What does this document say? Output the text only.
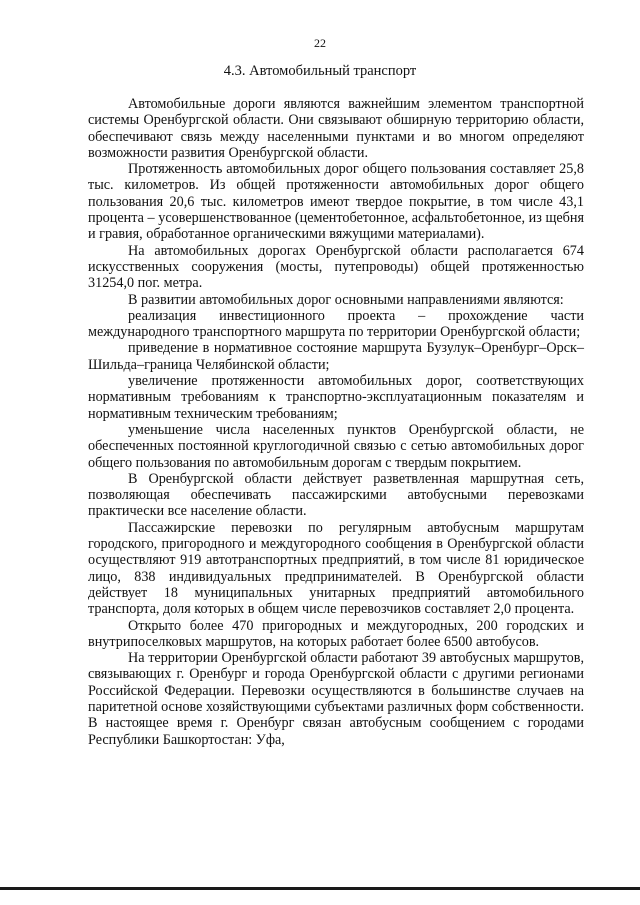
22
4.3. Автомобильный транспорт

Автомобильные дороги являются важнейшим элементом транспортной системы Оренбургской области. Они связывают обширную территорию области, обеспечивают связь между населенными пунктами и во многом определяют возможности развития Оренбургской области.

Протяженность автомобильных дорог общего пользования составляет 25,8 тыс. километров. Из общей протяженности автомобильных дорог общего пользования 20,6 тыс. километров имеют твердое покрытие, в том числе 43,1 процента – усовершенствованное (цементобетонное, асфальтобетонное, из щебня и гравия, обработанное органическими вяжущими материалами).

На автомобильных дорогах Оренбургской области располагается 674 искусственных сооружения (мосты, путепроводы) общей протяженностью 31254,0 пог. метра.

В развитии автомобильных дорог основными направлениями являются:

реализация инвестиционного проекта – прохождение части международного транспортного маршрута по территории Оренбургской области;

приведение в нормативное состояние маршрута Бузулук–Оренбург–Орск–Шильда–граница Челябинской области;

увеличение протяженности автомобильных дорог, соответствующих нормативным требованиям к транспортно-эксплуатационным показателям и нормативным техническим требованиям;

уменьшение числа населенных пунктов Оренбургской области, не обеспеченных постоянной круглогодичной связью с сетью автомобильных дорог общего пользования по автомобильным дорогам с твердым покрытием.

В Оренбургской области действует разветвленная маршрутная сеть, позволяющая обеспечивать пассажирскими автобусными перевозками практически все население области.

Пассажирские перевозки по регулярным автобусным маршрутам городского, пригородного и междугородного сообщения в Оренбургской области осуществляют 919 автотранспортных предприятий, в том числе 81 юридическое лицо, 838 индивидуальных предпринимателей. В Оренбургской области действует 18 муниципальных унитарных предприятий автомобильного транспорта, доля которых в общем числе перевозчиков составляет 2,0 процента.

Открыто более 470 пригородных и междугородных, 200 городских и внутрипоселковых маршрутов, на которых работает более 6500 автобусов.

На территории Оренбургской области работают 39 автобусных маршрутов, связывающих г. Оренбург и города Оренбургской области с другими регионами Российской Федерации. Перевозки осуществляются в большинстве случаев на паритетной основе хозяйствующими субъектами различных форм собственности. В настоящее время г. Оренбург связан автобусным сообщением с городами Республики Башкортостан: Уфа,
